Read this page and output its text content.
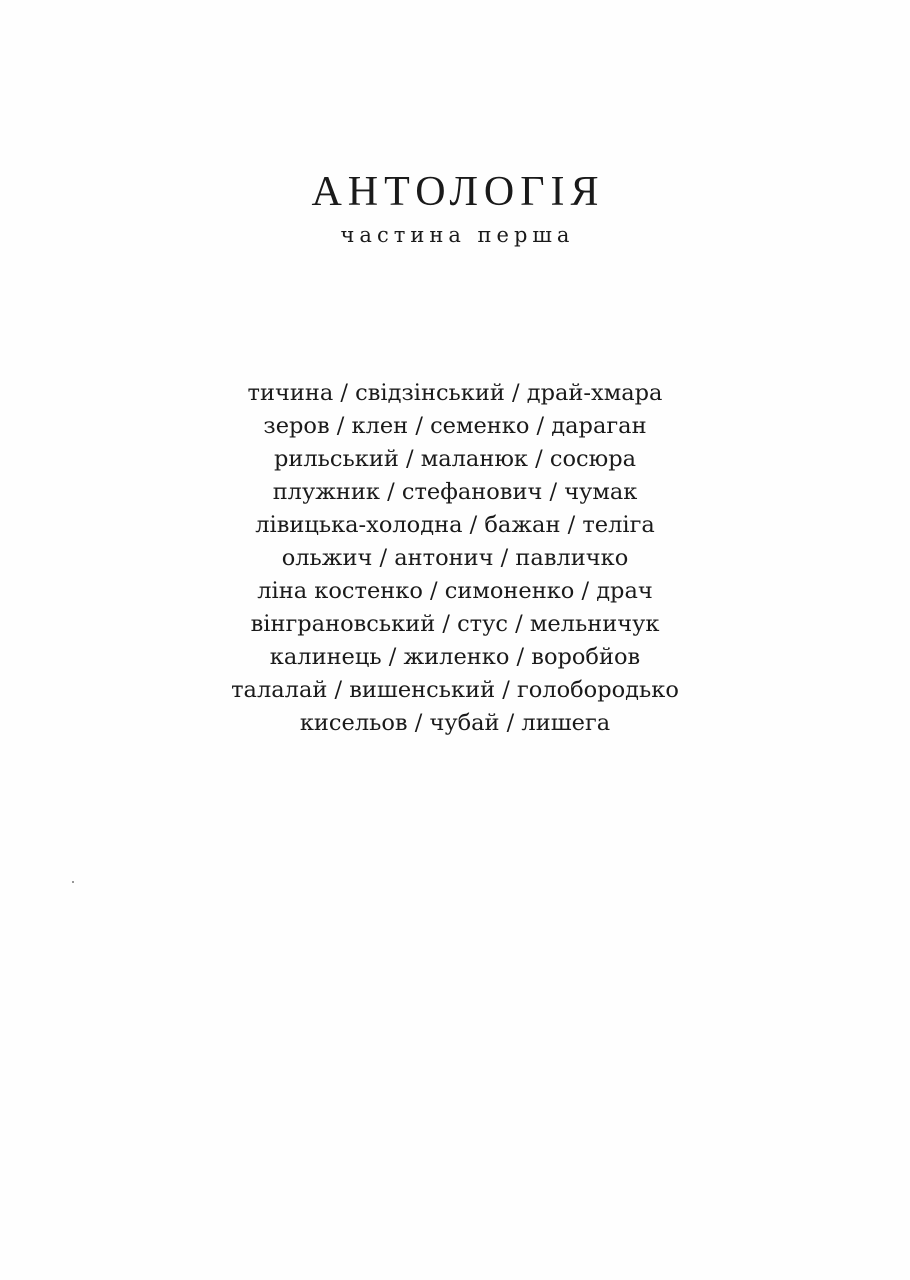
АНТОЛОГІЯ
частина перша
тичина / свідзінський / драй-хмара
зеров / клен / семенко / дараган
рильський / маланюк / сосюра
плужник / стефанович / чумак
лівицька-холодна / бажан / теліга
ольжич / антонич / павличко
ліна костенко / симоненко / драч
вінграновський / стус / мельничук
калинець / жиленко / воробйов
талалай / вишенський / голобородько
кисельов / чубай / лишега
